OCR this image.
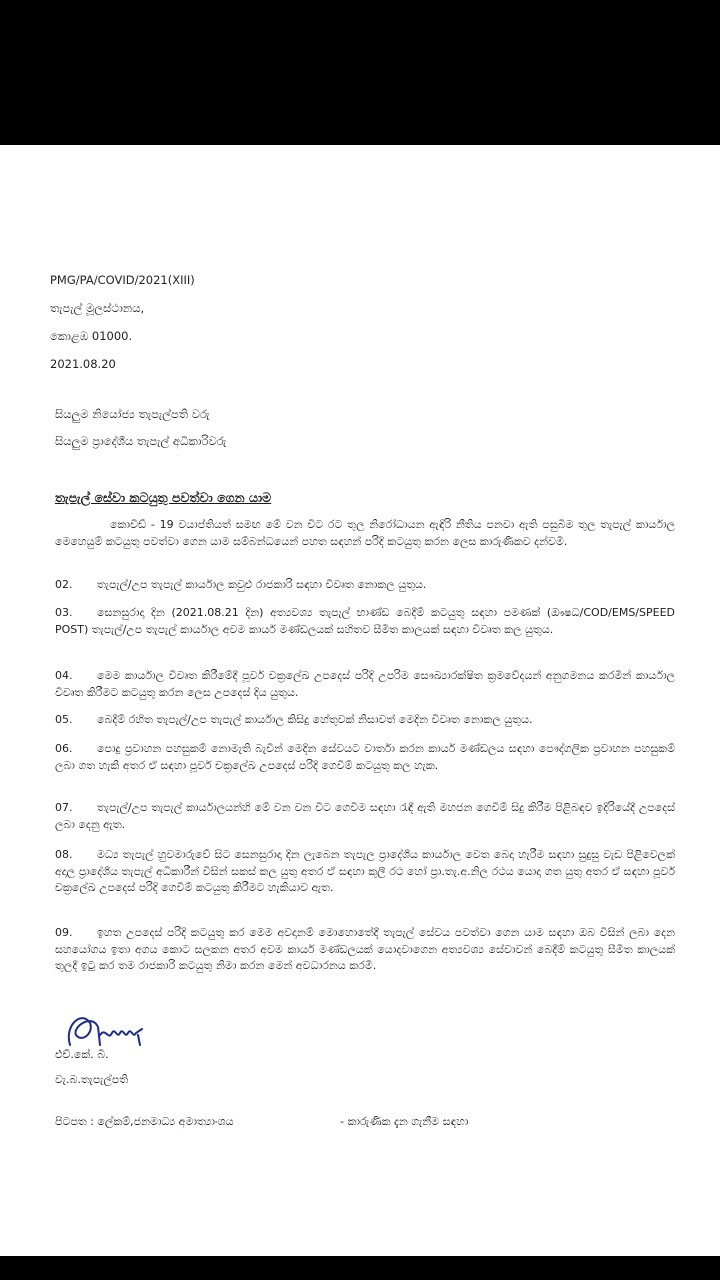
PMG/PA/COVID/2021(XIII)
තැපැල් මූලස්ථානය,
කොළඹ 01000.
2021.08.20
සියලුම නියෝජ්‍ය තැපැල්පති වරු
සියලුම ප්‍රාදේශීය තැපැල් අධිකාරිවරු
තැපැල් සේවා කටයුතු පවත්වා ගෙන යාම
කොවිඩ් - 19 වයාප්තියත් සමඟ මේ වන විට රට තුල නිරෝධායන ඇඳිරි නීතිය පනවා ඇති පසුබිම තුල තැපැල් කාර්යාල මෙහෙයුම් කටයුතු පවත්වා ගෙන යාම සම්බන්ධයෙන් පහත සඳහන් පරිදි කටයුතු කරන ලෙස කාරුණිකව දන්වමි.
02. තැපැල්/උප තැපැල් කාර්යාල කවුළු රාජකාරි සඳහා විවෘත නොකල යුතුය.
03. සෙනසුරාදා දින (2021.08.21 දින) අත්‍යවශ්‍ය තැපැල් භාණ්ඩ බෙදීම් කටයුතු සඳහා පමණක් (ඖෂධ/COD/EMS/SPEED POST) තැපැල්/උප තැපැල් කාර්යාල අවම කාර්ය මණ්ඩලයක් සහිතව සීමිත කාලයක් සඳහා විවෘත කල යුතුය.
04. මෙම කාර්යාල විවෘත කිරීමේදී පූර්ව චක්‍රලේඛ උපදෙස් පරිදි උපරිම සෞඛ්‍යාරක්ෂිත ක්‍රමවේදයන් අනුගමනය කරමින් කාර්යාල විවෘත කිරීමට කටයුතු කරන ලෙස උපදෙස් දිය යුතුය.
05. බෙදීම් රහිත තැපැල්/උප තැපැල් කාර්යාල කිසිදු හේතුවක් නිසාවත් මෙදින විවෘත නොකල යුතුය.
06. පොදු ප්‍රවාහන පහසුකම් නොමැති බැවින් මෙදින සේවයට වාර්තා කරන කාර්ය මණ්ඩලය සඳහා පෞද්ගලික ප්‍රවාහන පහසුකම් ලබා ගත හැකි අතර ඒ සඳහා පූර්ව චක්‍රලේඛ උපදෙස් පරිදි ගෙවීම් කටයුතු කල හැක.
07. තැපැල්/උප තැපැල් කාර්යාලයන්හි මේ වන වන විට ගෙවීම සඳහා රැඳී ඇති මහජන ගෙවීම් සිදු කිරීම පිළිබඳව ඉදිරියේදී උපදෙස් ලබා දෙනු ඇත.
08. මධ්‍ය තැපැල් හුවමාරුවේ සිට සෙනසුරාදා දින ලැබෙන තැපැල ප්‍රාදේශීය කාර්යාල වෙත බෙදා හැරීම සඳහා සුදුසු වැඩ පිළිවෙලක් අදාල ප්‍රාදේශීය තැපැල් අධිකාරීන් විසින් සකස් කල යුතු අතර ඒ සඳහා කුලී රථ හෝ ප්‍රා.තැ.අ.නිල රථය යොදා ගත යුතු අතර ඒ සඳහා පූර්ව චක්‍රලේඛ උපදෙස් පරිදි ගෙවීම් කටයුතු කිරීමට හැකියාව ඇත.
09. ඉහත උපදෙස් පරිදි කටයුතු කර මෙම අවදානම් මොහොතේදී තැපැල් සේවය පවත්වා ගෙන යාම සඳහා ඔබ විසින් ලබා දෙන සහයෝගය ඉතා අගය කොට සලකන අතර අවම කාර්ය මණ්ඩලයක් යොදවාගෙන අත්‍යවශ්‍ය සේවාවන් බෙදීම් කටයුතු සීමිත කාලයක් තුලදී ඉටු කර තම රාජකාරි කටයුතු නිමා කරන මෙන් අවධාරනය කරමි.
එච්.කේ. බී.
වැ.බ.තැපැල්පති
පිටපත : ලේකම්,ජනමාධ්‍ය අමාත්‍යාංශය	- කාරුණික දැන ගැනීම සඳහා
